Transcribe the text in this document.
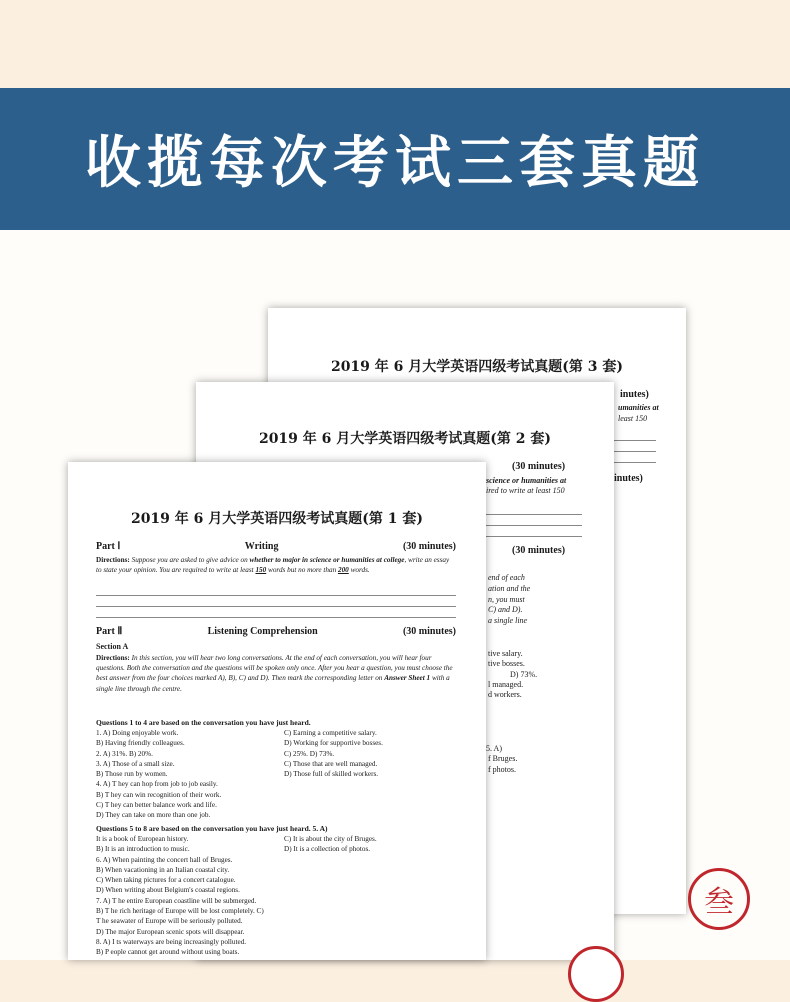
收揽每次考试三套真题
2019 年 6 月大学英语四级考试真题(第 3 套)
inutes)
umanities at
least 150
inutes)
2019 年 6 月大学英语四级考试真题(第 2 套)
(30 minutes)
science or humanities at
ired to write at least 150
(30 minutes)
end of each
ation and the
n, you must
C) and D).
a single line
tive salary.
tive bosses.
D) 73%.
l managed.
d workers.
5. A)
f Bruges.
f photos.
叁
2019 年 6 月大学英语四级考试真题(第 1 套)
Part Ⅰ	Writing	(30 minutes)
Directions: Suppose you are asked to give advice on whether to major in science or humanities at college, write an essay to state your opinion. You are required to write at least 150 words but no more than 200 words.
Part Ⅱ	Listening Comprehension	(30 minutes)
Section A
Directions: In this section, you will hear two long conversations. At the end of each conversation, you will hear four questions. Both the conversation and the questions will be spoken only once. After you hear a question, you must choose the best answer from the four choices marked A), B), C) and D). Then mark the corresponding letter on Answer Sheet 1 with a single line through the centre.
Questions 1 to 4 are based on the conversation you have just heard.
1. A) Doing enjoyable work.	C) Earning a competitive salary.
B) Having friendly colleagues.	D) Working for supportive bosses.
2. A) 31%. B) 20%.	C) 25%. D) 73%.
3. A) Those of a small size.	C) Those that are well managed.
B) Those run by women.	D) Those full of skilled workers.
4. A) T hey can hop from job to job easily.
B) T hey can win recognition of their work.
C) T hey can better balance work and life.
D) They can take on more than one job.
Questions 5 to 8 are based on the conversation you have just heard. 5. A)
It is a book of European history.	C) It is about the city of Bruges.
B) It is an introduction to music.	D) It is a collection of photos.
6. A) When painting the concert hall of Bruges.
B) When vacationing in an Italian coastal city.
C) When taking pictures for a concert catalogue.
D) When writing about Belgium's coastal regions.
7. A) T he entire European coastline will be submerged.
B) T he rich heritage of Europe will be lost completely. C)
T he seawater of Europe will be seriously polluted.
D) The major European scenic spots will disappear.
8. A) I ts waterways are being increasingly polluted.
B) P eople cannot get around without using boats.
